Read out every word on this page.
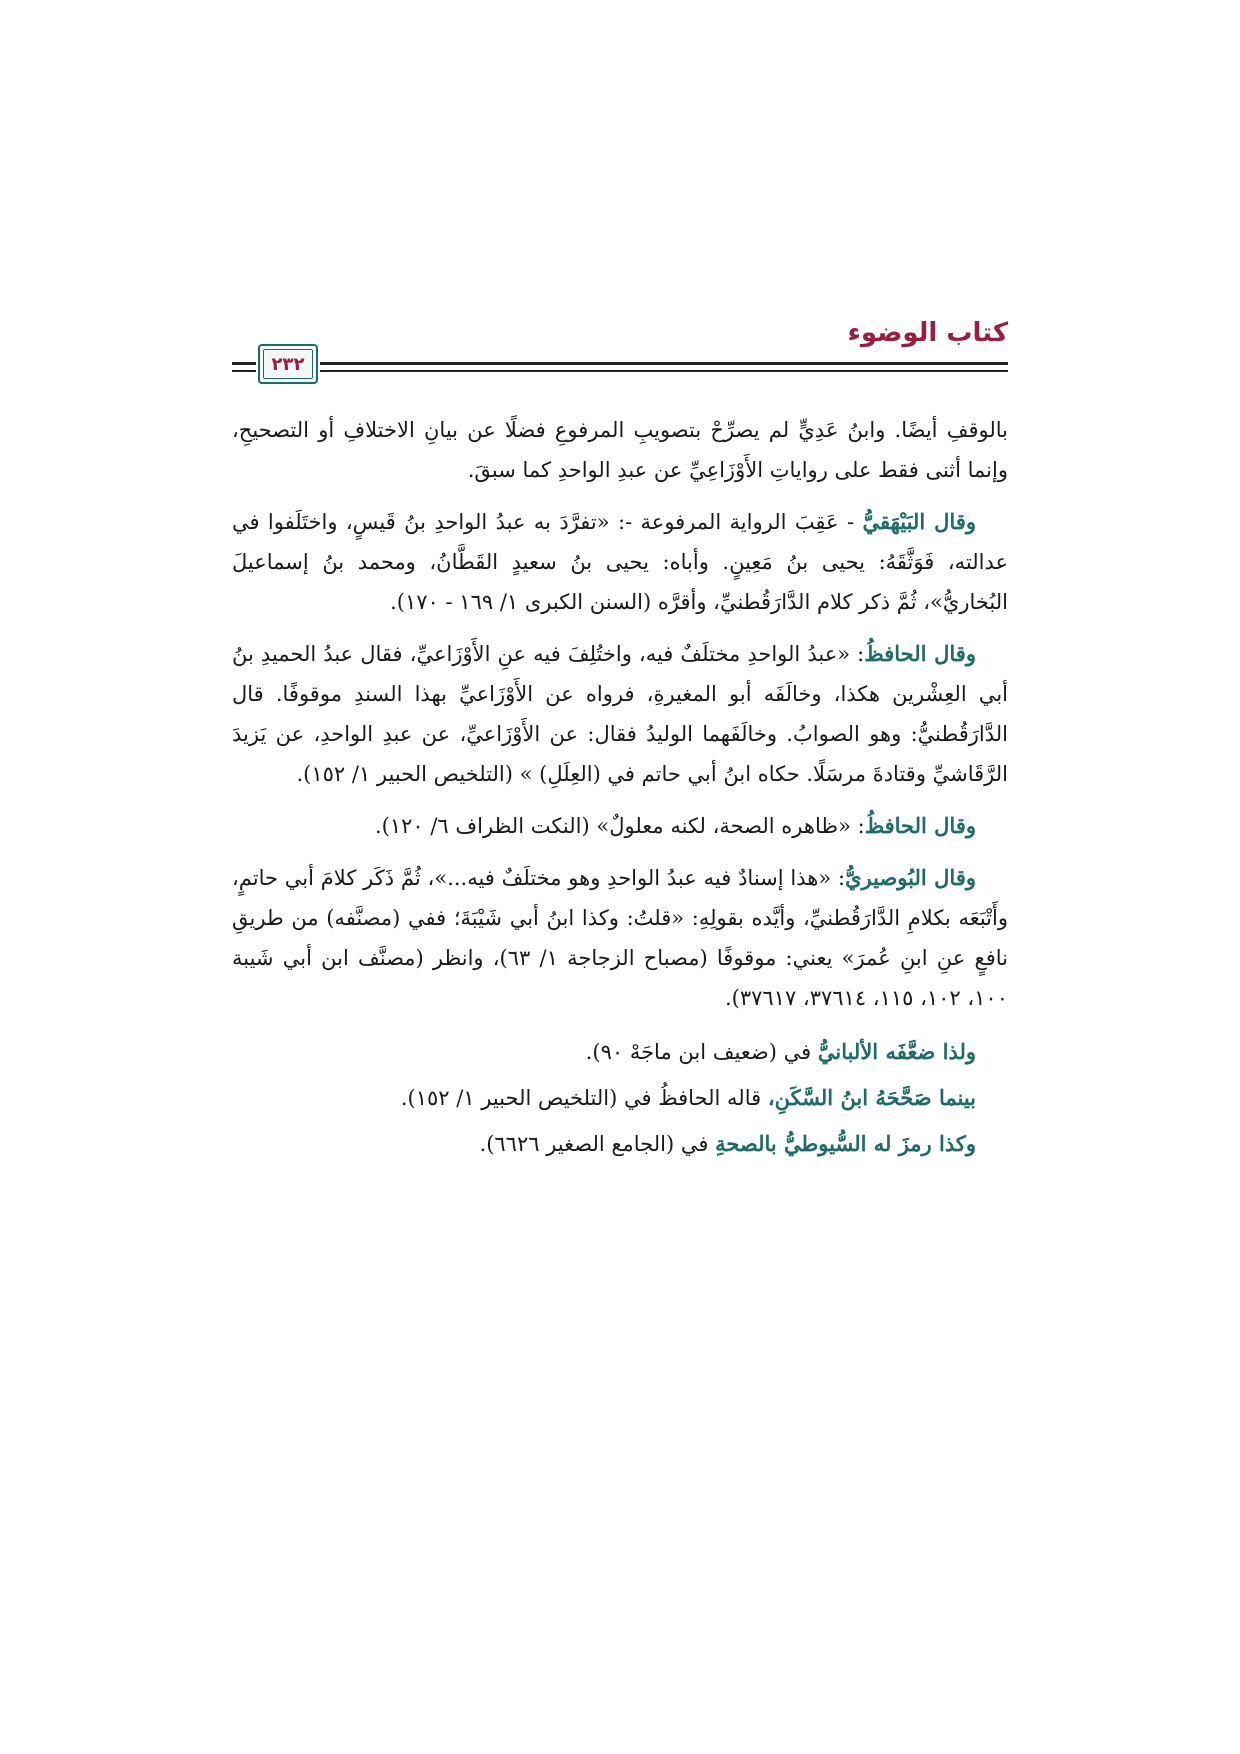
كتاب الوضوء
٢٣٢

بالوقفِ أيضًا. وابنُ عَدِيٍّ لم يصرِّحْ بتصويبِ المرفوعِ فضلًا عن بيانِ الاختلافِ أو التصحيحِ، وإنما أثنى فقط على رواياتِ الأَوْزَاعِيِّ عن عبدِ الواحدِ كما سبقَ.

وقال البَيْهَقيُّ - عَقِبَ الرواية المرفوعة -: «تفرَّدَ به عبدُ الواحدِ بنُ قَيسٍ، واختَلَفوا في عدالته، فَوَثَّقَهُ: يحيى بنُ مَعِينٍ. وأباه: يحيى بنُ سعيدٍ القَطَّانُ، ومحمد بنُ إسماعيلَ البُخاريُّ»، ثُمَّ ذكر كلام الدَّارَقُطنيِّ، وأقرَّه (السنن الكبرى ١/ ١٦٩ - ١٧٠).

وقال الحافظُ: «عبدُ الواحدِ مختلَفٌ فيه، واختُلِفَ فيه عنِ الأَوْزَاعيِّ، فقال عبدُ الحميدِ بنُ أبي العِشْرين هكذا، وخالَفَه أبو المغيرةِ، فرواه عن الأَوْزَاعيِّ بهذا السندِ موقوفًا. قال الدَّارَقُطنيُّ: وهو الصوابُ. وخالَفَهما الوليدُ فقال: عن الأَوْزَاعيِّ، عن عبدِ الواحدِ، عن يَزيدَ الرَّقَاشيِّ وقتادةَ مرسَلًا. حكاه ابنُ أبي حاتم في (العِلَلِ) » (التلخيص الحبير ١/ ١٥٢).

وقال الحافظُ: «ظاهره الصحة، لكنه معلولٌ» (النكت الظراف ٦/ ١٢٠).

وقال البُوصيريُّ: «هذا إسنادٌ فيه عبدُ الواحدِ وهو مختلَفٌ فيه...»، ثُمَّ ذَكَر كلامَ أبي حاتمٍ، وأَتْبَعَه بكلامِ الدَّارَقُطنيِّ، وأيَّده بقولِهِ: «قلتُ: وكذا ابنُ أبي شَيْبَةَ؛ ففي (مصنَّفه) من طريقِ نافعٍ عنِ ابنِ عُمرَ» يعني: موقوفًا (مصباح الزجاجة ١/ ٦٣)، وانظر (مصنَّف ابن أبي شَيبة ١٠٠، ١٠٢، ١١٥، ٣٧٦١٤، ٣٧٦١٧).

ولذا ضعَّفَه الألبانيُّ في (ضعيف ابن ماجَهْ ٩٠).

بينما صَحَّحَهُ ابنُ السَّكَنِ، قاله الحافظُ في (التلخيص الحبير ١/ ١٥٢).

وكذا رمزَ له السُّيوطيُّ بالصحةِ في (الجامع الصغير ٦٦٢٦).
